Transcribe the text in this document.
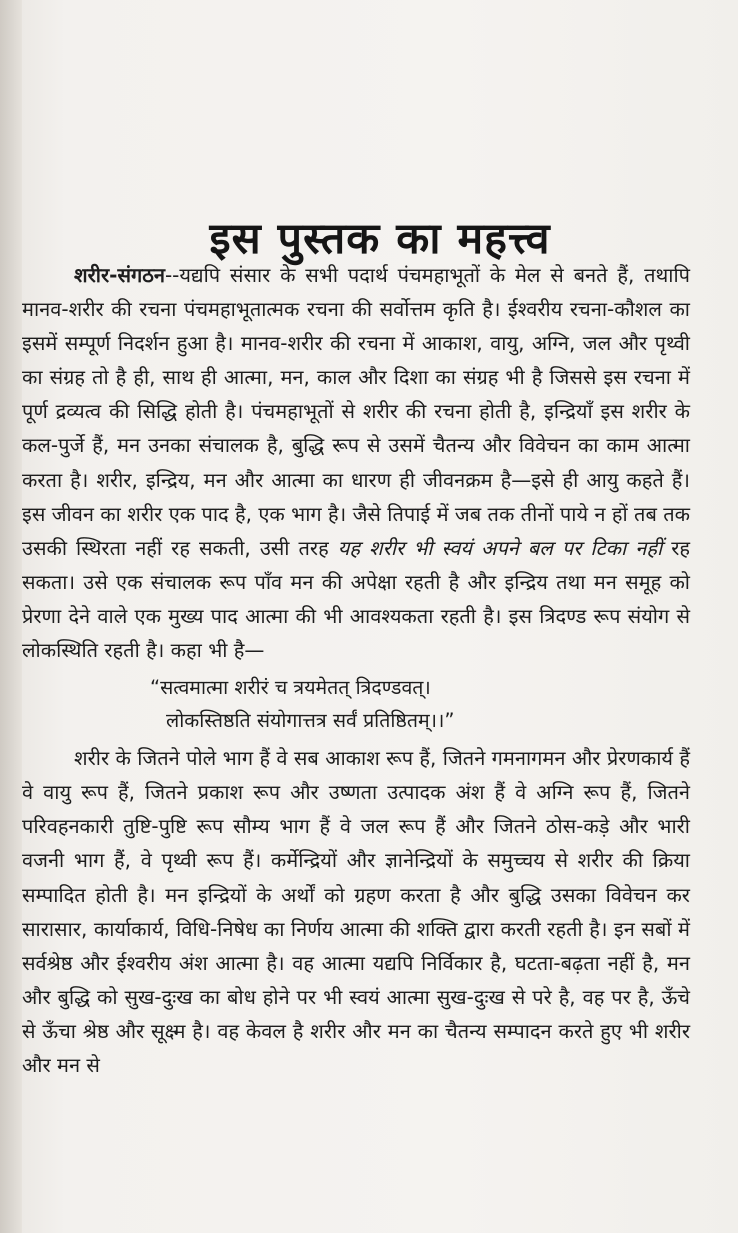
इस पुस्तक का महत्त्व

शरीर-संगठन--यद्यपि संसार के सभी पदार्थ पंचमहाभूतों के मेल से बनते हैं, तथापि मानव-शरीर की रचना पंचमहाभूतात्मक रचना की सर्वोत्तम कृति है। ईश्वरीय रचना-कौशल का इसमें सम्पूर्ण निदर्शन हुआ है। मानव-शरीर की रचना में आकाश, वायु, अग्नि, जल और पृथ्वी का संग्रह तो है ही, साथ ही आत्मा, मन, काल और दिशा का संग्रह भी है जिससे इस रचना में पूर्ण द्रव्यत्व की सिद्धि होती है। पंचमहाभूतों से शरीर की रचना होती है, इन्द्रियाँ इस शरीर के कल-पुर्जे हैं, मन उनका संचालक है, बुद्धि रूप से उसमें चैतन्य और विवेचन का काम आत्मा करता है। शरीर, इन्द्रिय, मन और आत्मा का धारण ही जीवनक्रम है—इसे ही आयु कहते हैं। इस जीवन का शरीर एक पाद है, एक भाग है। जैसे तिपाई में जब तक तीनों पाये न हों तब तक उसकी स्थिरता नहीं रह सकती, उसी तरह यह शरीर भी स्वयं अपने बल पर टिका नहीं रह सकता। उसे एक संचालक रूप पाँव मन की अपेक्षा रहती है और इन्द्रिय तथा मन समूह को प्रेरणा देने वाले एक मुख्य पाद आत्मा की भी आवश्यकता रहती है। इस त्रिदण्ड रूप संयोग से लोकस्थिति रहती है। कहा भी है—

“सत्वमात्मा शरीरं च त्रयमेतत् त्रिदण्डवत्।
लोकस्तिष्ठति संयोगात्तत्र सर्वं प्रतिष्ठितम्।।”

शरीर के जितने पोले भाग हैं वे सब आकाश रूप हैं, जितने गमनागमन और प्रेरणकार्य हैं वे वायु रूप हैं, जितने प्रकाश रूप और उष्णता उत्पादक अंश हैं वे अग्नि रूप हैं, जितने परिवहनकारी तुष्टि-पुष्टि रूप सौम्य भाग हैं वे जल रूप हैं और जितने ठोस-कड़े और भारी वजनी भाग हैं, वे पृथ्वी रूप हैं। कर्मेन्द्रियों और ज्ञानेन्द्रियों के समुच्चय से शरीर की क्रिया सम्पादित होती है। मन इन्द्रियों के अर्थों को ग्रहण करता है और बुद्धि उसका विवेचन कर सारासार, कार्याकार्य, विधि-निषेध का निर्णय आत्मा की शक्ति द्वारा करती रहती है। इन सबों में सर्वश्रेष्ठ और ईश्वरीय अंश आत्मा है। वह आत्मा यद्यपि निर्विकार है, घटता-बढ़ता नहीं है, मन और बुद्धि को सुख-दुःख का बोध होने पर भी स्वयं आत्मा सुख-दुःख से परे है, वह पर है, ऊँचे से ऊँचा श्रेष्ठ और सूक्ष्म है। वह केवल है शरीर और मन का चैतन्य सम्पादन करते हुए भी शरीर और मन से
